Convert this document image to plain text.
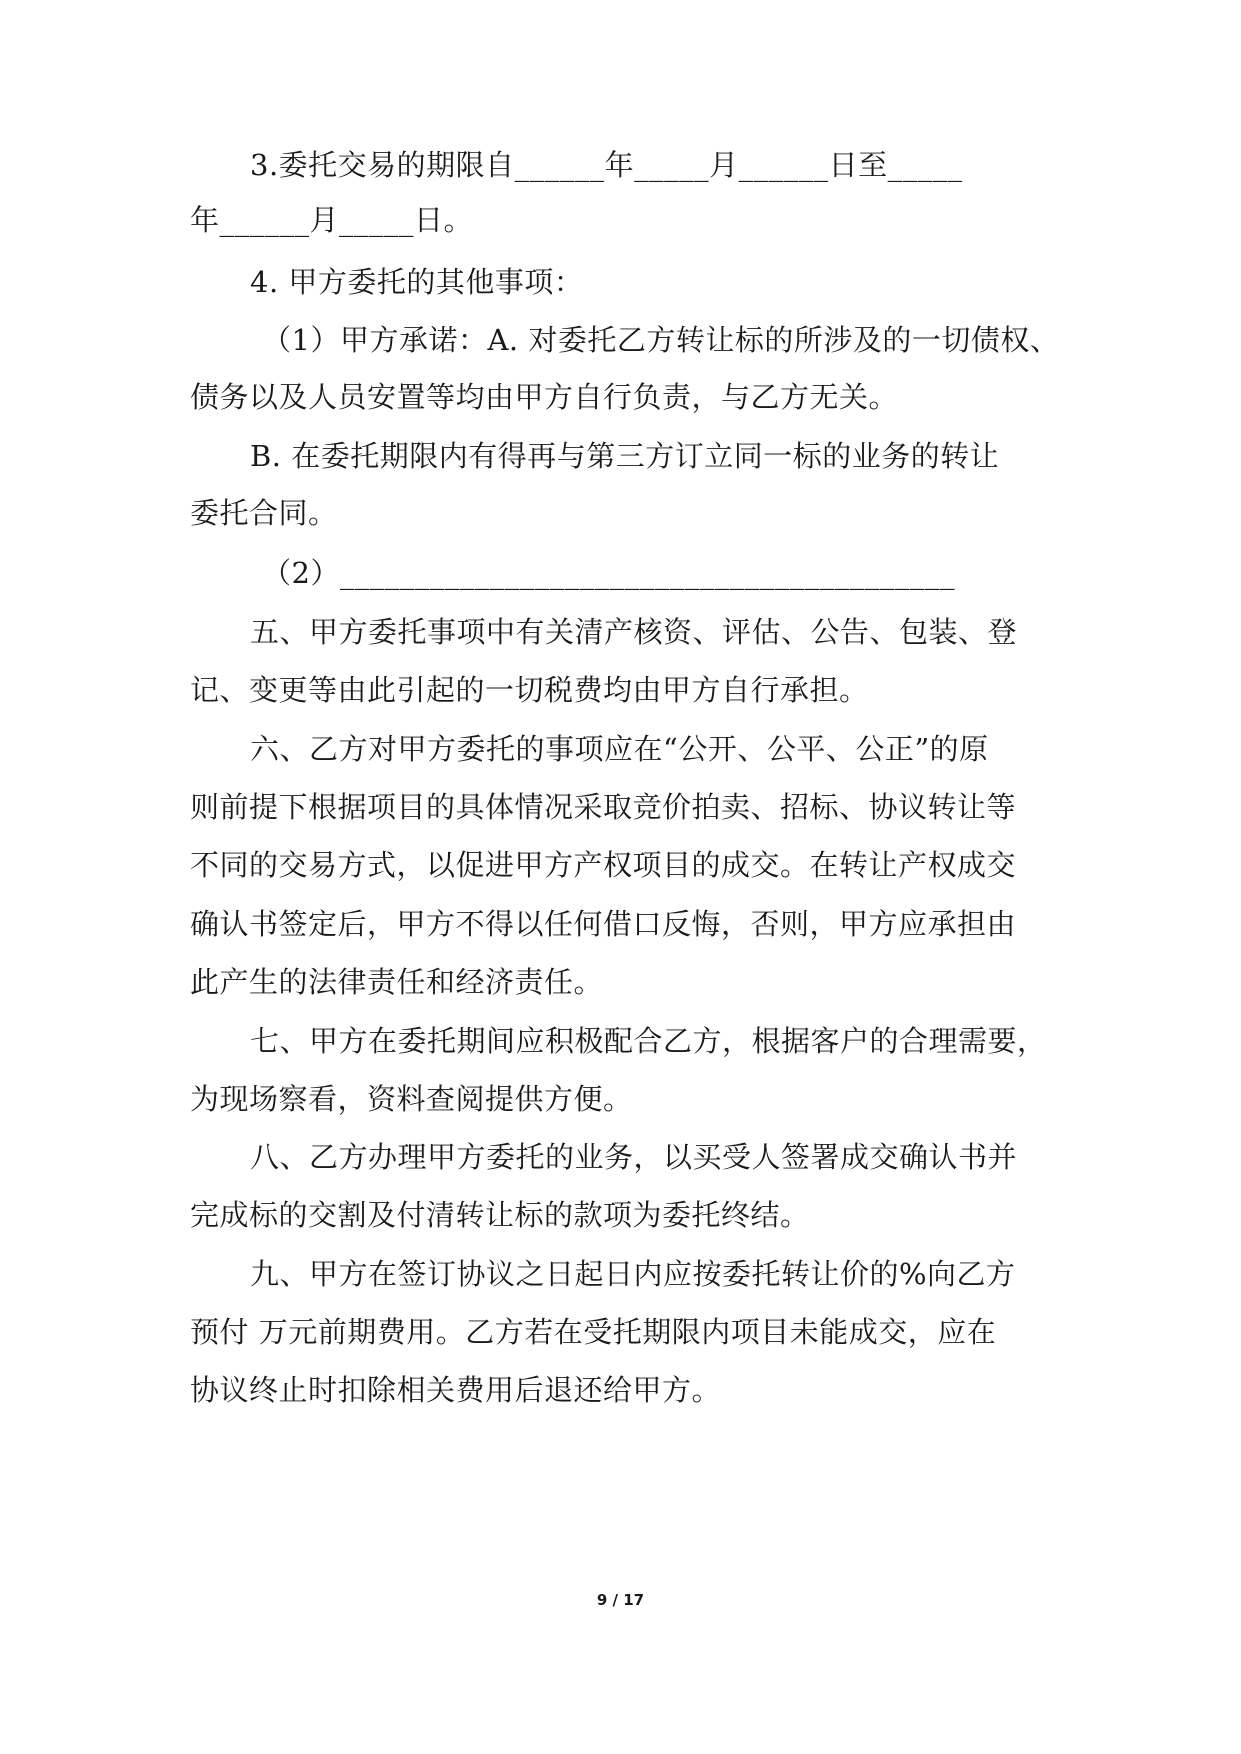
3.委托交易的期限自______年_____月______日至_____
年______月_____日。
4. 甲方委托的其他事项：
（1）甲方承诺：A. 对委托乙方转让标的所涉及的一切债权、
债务以及人员安置等均由甲方自行负责，与乙方无关。
B. 在委托期限内有得再与第三方订立同一标的业务的转让
委托合同。
（2）_________________________________________
五、甲方委托事项中有关清产核资、评估、公告、包装、登
记、变更等由此引起的一切税费均由甲方自行承担。
六、乙方对甲方委托的事项应在“公开、公平、公正”的原
则前提下根据项目的具体情况采取竞价拍卖、招标、协议转让等
不同的交易方式，以促进甲方产权项目的成交。在转让产权成交
确认书签定后，甲方不得以任何借口反悔，否则，甲方应承担由
此产生的法律责任和经济责任。
七、甲方在委托期间应积极配合乙方，根据客户的合理需要，
为现场察看，资料查阅提供方便。
八、乙方办理甲方委托的业务，以买受人签署成交确认书并
完成标的交割及付清转让标的款项为委托终结。
九、甲方在签订协议之日起日内应按委托转让价的%向乙方
预付 万元前期费用。乙方若在受托期限内项目未能成交，应在
协议终止时扣除相关费用后退还给甲方。
9 / 17
